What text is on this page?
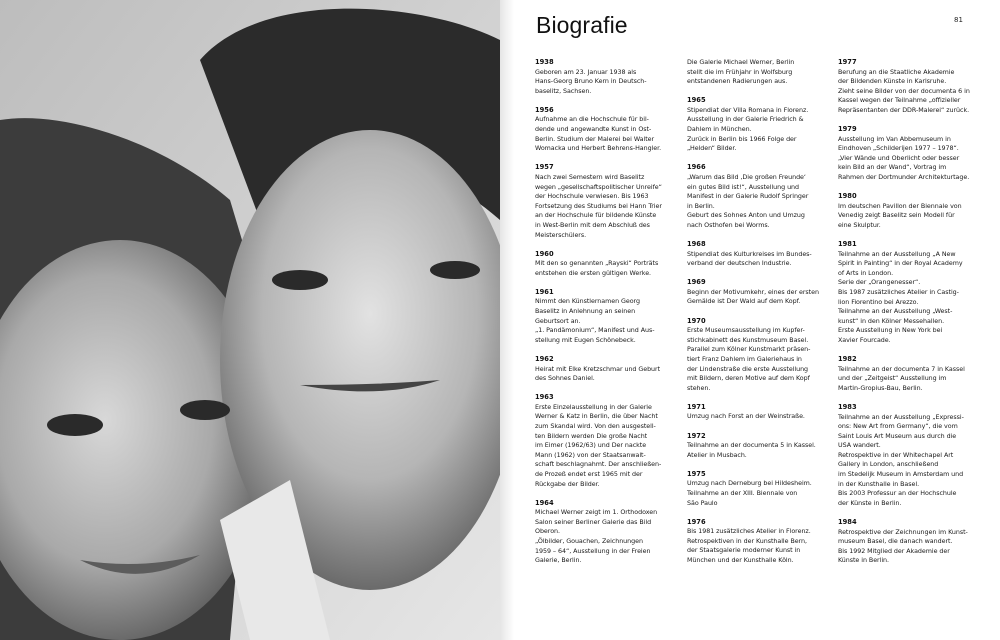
Biografie	81
1938
Geboren am 23. Januar 1938 als
Hans-Georg Bruno Kern in Deutsch-
baselitz, Sachsen.
1956
Aufnahme an die Hochschule für bil-
dende und angewandte Kunst in Ost-
Berlin. Studium der Malerei bei Walter
Womacka und Herbert Behrens-Hangler.
1957
Nach zwei Semestern wird Baselitz
wegen „gesellschaftspolitischer Unreife“
der Hochschule verwiesen. Bis 1963
Fortsetzung des Studiums bei Hann Trier
an der Hochschule für bildende Künste
in West-Berlin mit dem Abschluß des
Meisterschülers.
1960
Mit den so genannten „Rayski“ Porträts
entstehen die ersten gültigen Werke.
1961
Nimmt den Künstlernamen Georg
Baselitz in Anlehnung an seinen
Geburtsort an.
„1. Pandämonium“, Manifest und Aus-
stellung mit Eugen Schönebeck.
1962
Heirat mit Elke Kretzschmar und Geburt
des Sohnes Daniel.
1963
Erste Einzelausstellung in der Galerie
Werner & Katz in Berlin, die über Nacht
zum Skandal wird. Von den ausgestell-
ten Bildern werden Die große Nacht
im Eimer (1962/63) und Der nackte
Mann (1962) von der Staatsanwalt-
schaft beschlagnahmt. Der anschließen-
de Prozeß endet erst 1965 mit der
Rückgabe der Bilder.
1964
Michael Werner zeigt im 1. Orthodoxen
Salon seiner Berliner Galerie das Bild
Oberon.
„Ölbilder, Gouachen, Zeichnungen
1959 – 64“, Ausstellung in der Freien
Galerie, Berlin.
Die Galerie Michael Werner, Berlin
stellt die im Frühjahr in Wolfsburg
entstandenen Radierungen aus.
1965
Stipendiat der Villa Romana in Florenz.
Ausstellung in der Galerie Friedrich &
Dahlem in München.
Zurück in Berlin bis 1966 Folge der
„Helden“ Bilder.
1966
„Warum das Bild ‚Die großen Freunde‘
ein gutes Bild ist!“, Ausstellung und
Manifest in der Galerie Rudolf Springer
in Berlin.
Geburt des Sohnes Anton und Umzug
nach Osthofen bei Worms.
1968
Stipendiat des Kulturkreises im Bundes-
verband der deutschen Industrie.
1969
Beginn der Motivumkehr, eines der ersten
Gemälde ist Der Wald auf dem Kopf.
1970
Erste Museumsausstellung im Kupfer-
stichkabinett des Kunstmuseum Basel.
Parallel zum Kölner Kunstmarkt präsen-
tiert Franz Dahlem im Galeriehaus in
der Lindenstraße die erste Ausstellung
mit Bildern, deren Motive auf dem Kopf
stehen.
1971
Umzug nach Forst an der Weinstraße.
1972
Teilnahme an der documenta 5 in Kassel.
Atelier in Musbach.
1975
Umzug nach Derneburg bei Hildesheim.
Teilnahme an der XIII. Biennale von
São Paulo
1976
Bis 1981 zusätzliches Atelier in Florenz.
Retrospektiven in der Kunsthalle Bern,
der Staatsgalerie moderner Kunst in
München und der Kunsthalle Köln.
1977
Berufung an die Staatliche Akademie
der Bildenden Künste in Karlsruhe.
Zieht seine Bilder von der documenta 6 in
Kassel wegen der Teilnahme „offizieller
Repräsentanten der DDR-Malerei“ zurück.
1979
Ausstellung im Van Abbemuseum in
Eindhoven „Schilderijen 1977 – 1978“.
„Vier Wände und Oberlicht oder besser
kein Bild an der Wand“, Vortrag im
Rahmen der Dortmunder Architekturtage.
1980
Im deutschen Pavillon der Biennale von
Venedig zeigt Baselitz sein Modell für
eine Skulptur.
1981
Teilnahme an der Ausstellung „A New
Spirit in Painting“ in der Royal Academy
of Arts in London.
Serie der „Orangenesser“.
Bis 1987 zusätzliches Atelier in Castig-
lion Fiorentino bei Arezzo.
Teilnahme an der Ausstellung „West-
kunst“ in den Kölner Messehallen.
Erste Ausstellung in New York bei
Xavier Fourcade.
1982
Teilnahme an der documenta 7 in Kassel
und der „Zeitgeist“ Ausstellung im
Martin-Gropius-Bau, Berlin.
1983
Teilnahme an der Ausstellung „Expressi-
ons: New Art from Germany“, die vom
Saint Louis Art Museum aus durch die
USA wandert.
Retrospektive in der Whitechapel Art
Gallery in London, anschließend
im Stedelijk Museum in Amsterdam und
in der Kunsthalle in Basel.
Bis 2003 Professur an der Hochschule
der Künste in Berlin.
1984
Retrospektive der Zeichnungen im Kunst-
museum Basel, die danach wandert.
Bis 1992 Mitglied der Akademie der
Künste in Berlin.
